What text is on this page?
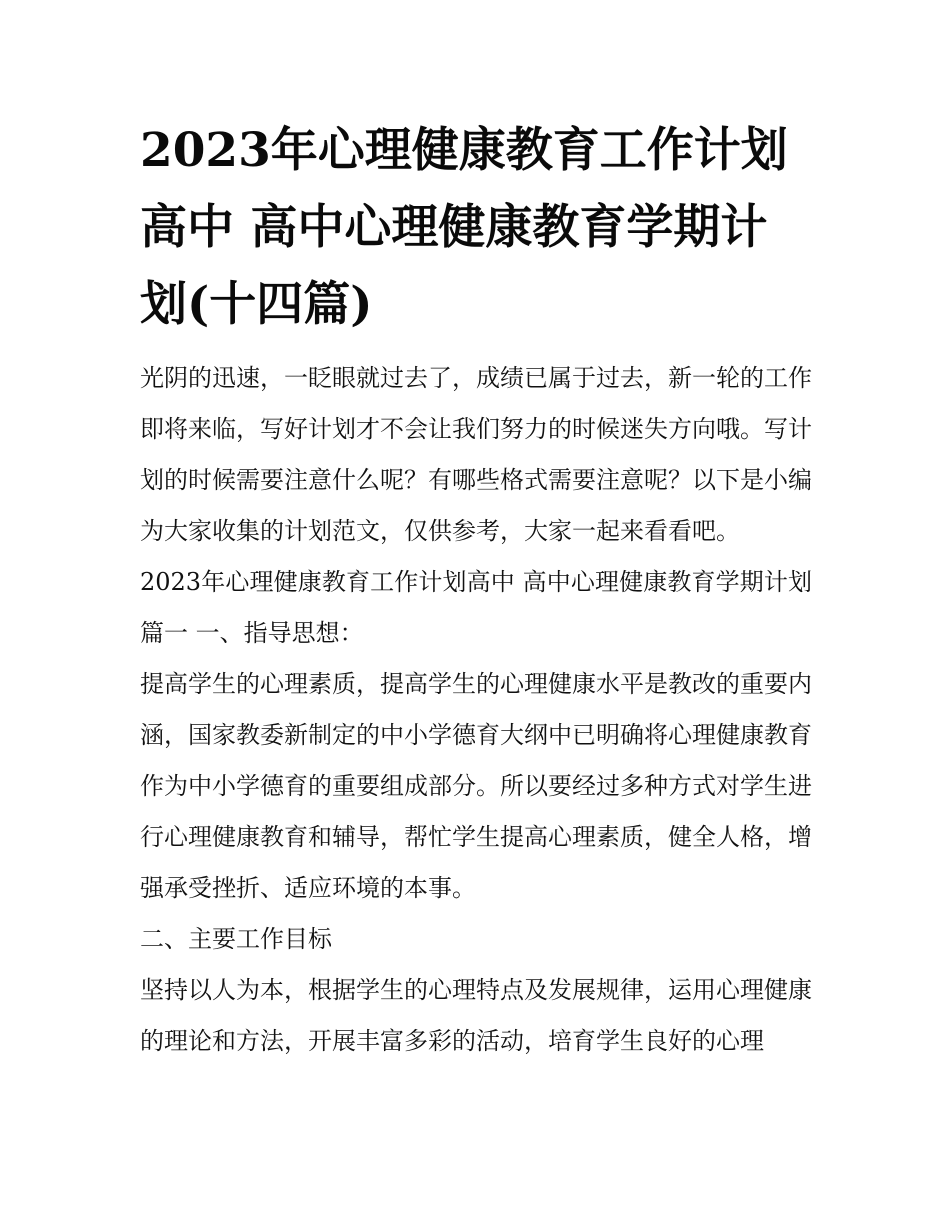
2023年心理健康教育工作计划高中 高中心理健康教育学期计划(十四篇)

光阴的迅速，一眨眼就过去了，成绩已属于过去，新一轮的工作即将来临，写好计划才不会让我们努力的时候迷失方向哦。写计划的时候需要注意什么呢？有哪些格式需要注意呢？以下是小编为大家收集的计划范文，仅供参考，大家一起来看看吧。

2023年心理健康教育工作计划高中 高中心理健康教育学期计划篇一 一、指导思想：

提高学生的心理素质，提高学生的心理健康水平是教改的重要内涵，国家教委新制定的中小学德育大纲中已明确将心理健康教育作为中小学德育的重要组成部分。所以要经过多种方式对学生进行心理健康教育和辅导，帮忙学生提高心理素质，健全人格，增强承受挫折、适应环境的本事。

二、主要工作目标

坚持以人为本，根据学生的心理特点及发展规律，运用心理健康的理论和方法，开展丰富多彩的活动，培育学生良好的心理
